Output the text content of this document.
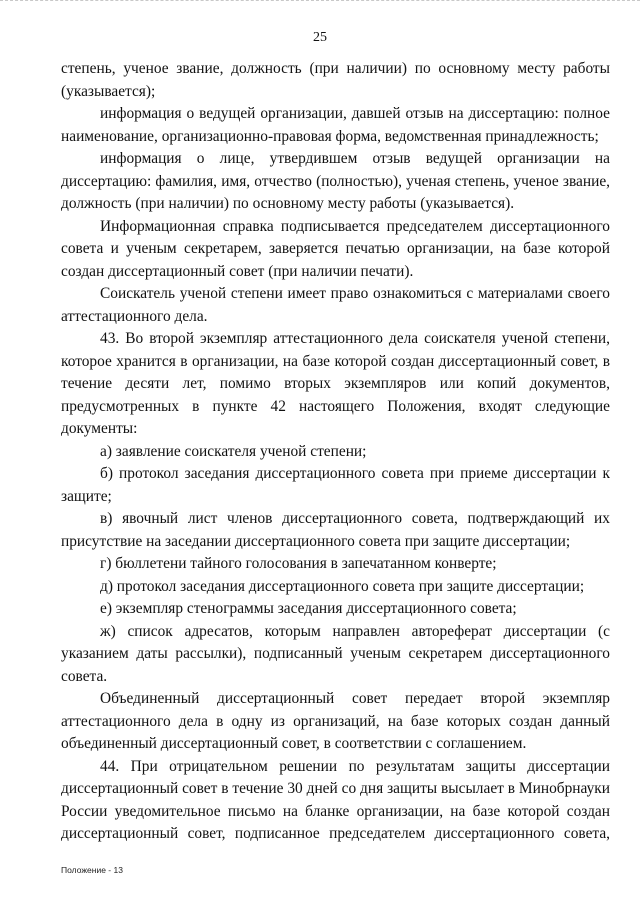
25

степень, ученое звание, должность (при наличии) по основному месту работы (указывается);

информация о ведущей организации, давшей отзыв на диссертацию: полное наименование, организационно-правовая форма, ведомственная принадлежность;

информация о лице, утвердившем отзыв ведущей организации на диссертацию: фамилия, имя, отчество (полностью), ученая степень, ученое звание, должность (при наличии) по основному месту работы (указывается).

Информационная справка подписывается председателем диссертационного совета и ученым секретарем, заверяется печатью организации, на базе которой создан диссертационный совет (при наличии печати).

Соискатель ученой степени имеет право ознакомиться с материалами своего аттестационного дела.

43. Во второй экземпляр аттестационного дела соискателя ученой степени, которое хранится в организации, на базе которой создан диссертационный совет, в течение десяти лет, помимо вторых экземпляров или копий документов, предусмотренных в пункте 42 настоящего Положения, входят следующие документы:

а) заявление соискателя ученой степени;

б) протокол заседания диссертационного совета при приеме диссертации к защите;

в) явочный лист членов диссертационного совета, подтверждающий их присутствие на заседании диссертационного совета при защите диссертации;

г) бюллетени тайного голосования в запечатанном конверте;

д) протокол заседания диссертационного совета при защите диссертации;

е) экземпляр стенограммы заседания диссертационного совета;

ж) список адресатов, которым направлен автореферат диссертации (с указанием даты рассылки), подписанный ученым секретарем диссертационного совета.

Объединенный диссертационный совет передает второй экземпляр аттестационного дела в одну из организаций, на базе которых создан данный объединенный диссертационный совет, в соответствии с соглашением.

44. При отрицательном решении по результатам защиты диссертации диссертационный совет в течение 30 дней со дня защиты высылает в Минобрнауки России уведомительное письмо на бланке организации, на базе которой создан диссертационный совет, подписанное председателем диссертационного совета,

Положение - 13
